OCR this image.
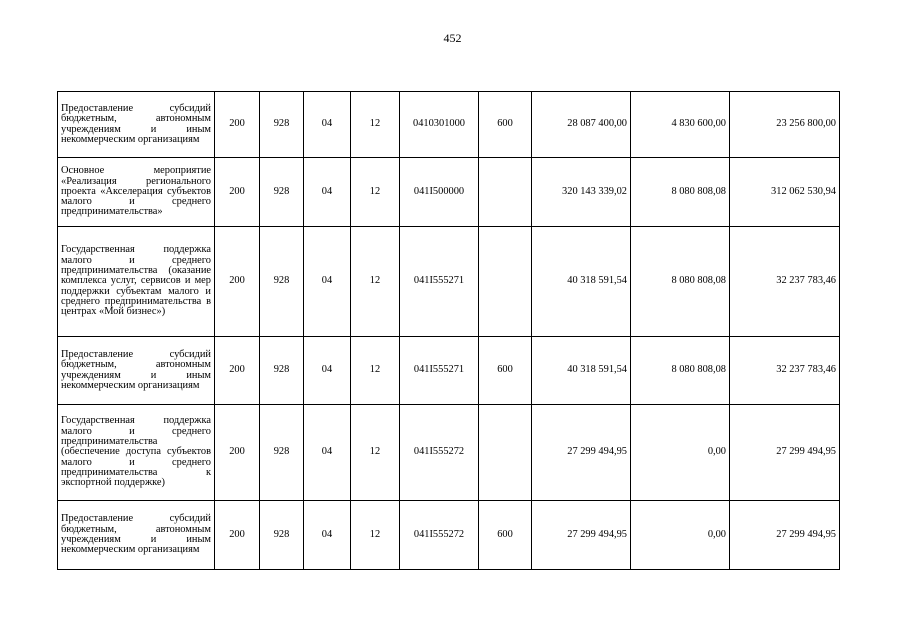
452
Предоставление субсидий бюджетным, автономным учреждениям и иным некоммерческим организациям	200	928	04	12	0410301000	600	28 087 400,00	4 830 600,00	23 256 800,00
Основное мероприятие «Реализация регионального проекта «Акселерация субъектов малого и среднего предпринимательства»	200	928	04	12	041I500000		320 143 339,02	8 080 808,08	312 062 530,94
Государственная поддержка малого и среднего предпринимательства (оказание комплекса услуг, сервисов и мер поддержки субъектам малого и среднего предпринимательства в центрах «Мой бизнес»)	200	928	04	12	041I555271		40 318 591,54	8 080 808,08	32 237 783,46
Предоставление субсидий бюджетным, автономным учреждениям и иным некоммерческим организациям	200	928	04	12	041I555271	600	40 318 591,54	8 080 808,08	32 237 783,46
Государственная поддержка малого и среднего предпринимательства (обеспечение доступа субъектов малого и среднего предпринимательства к экспортной поддержке)	200	928	04	12	041I555272		27 299 494,95	0,00	27 299 494,95
Предоставление субсидий бюджетным, автономным учреждениям и иным некоммерческим организациям	200	928	04	12	041I555272	600	27 299 494,95	0,00	27 299 494,95
